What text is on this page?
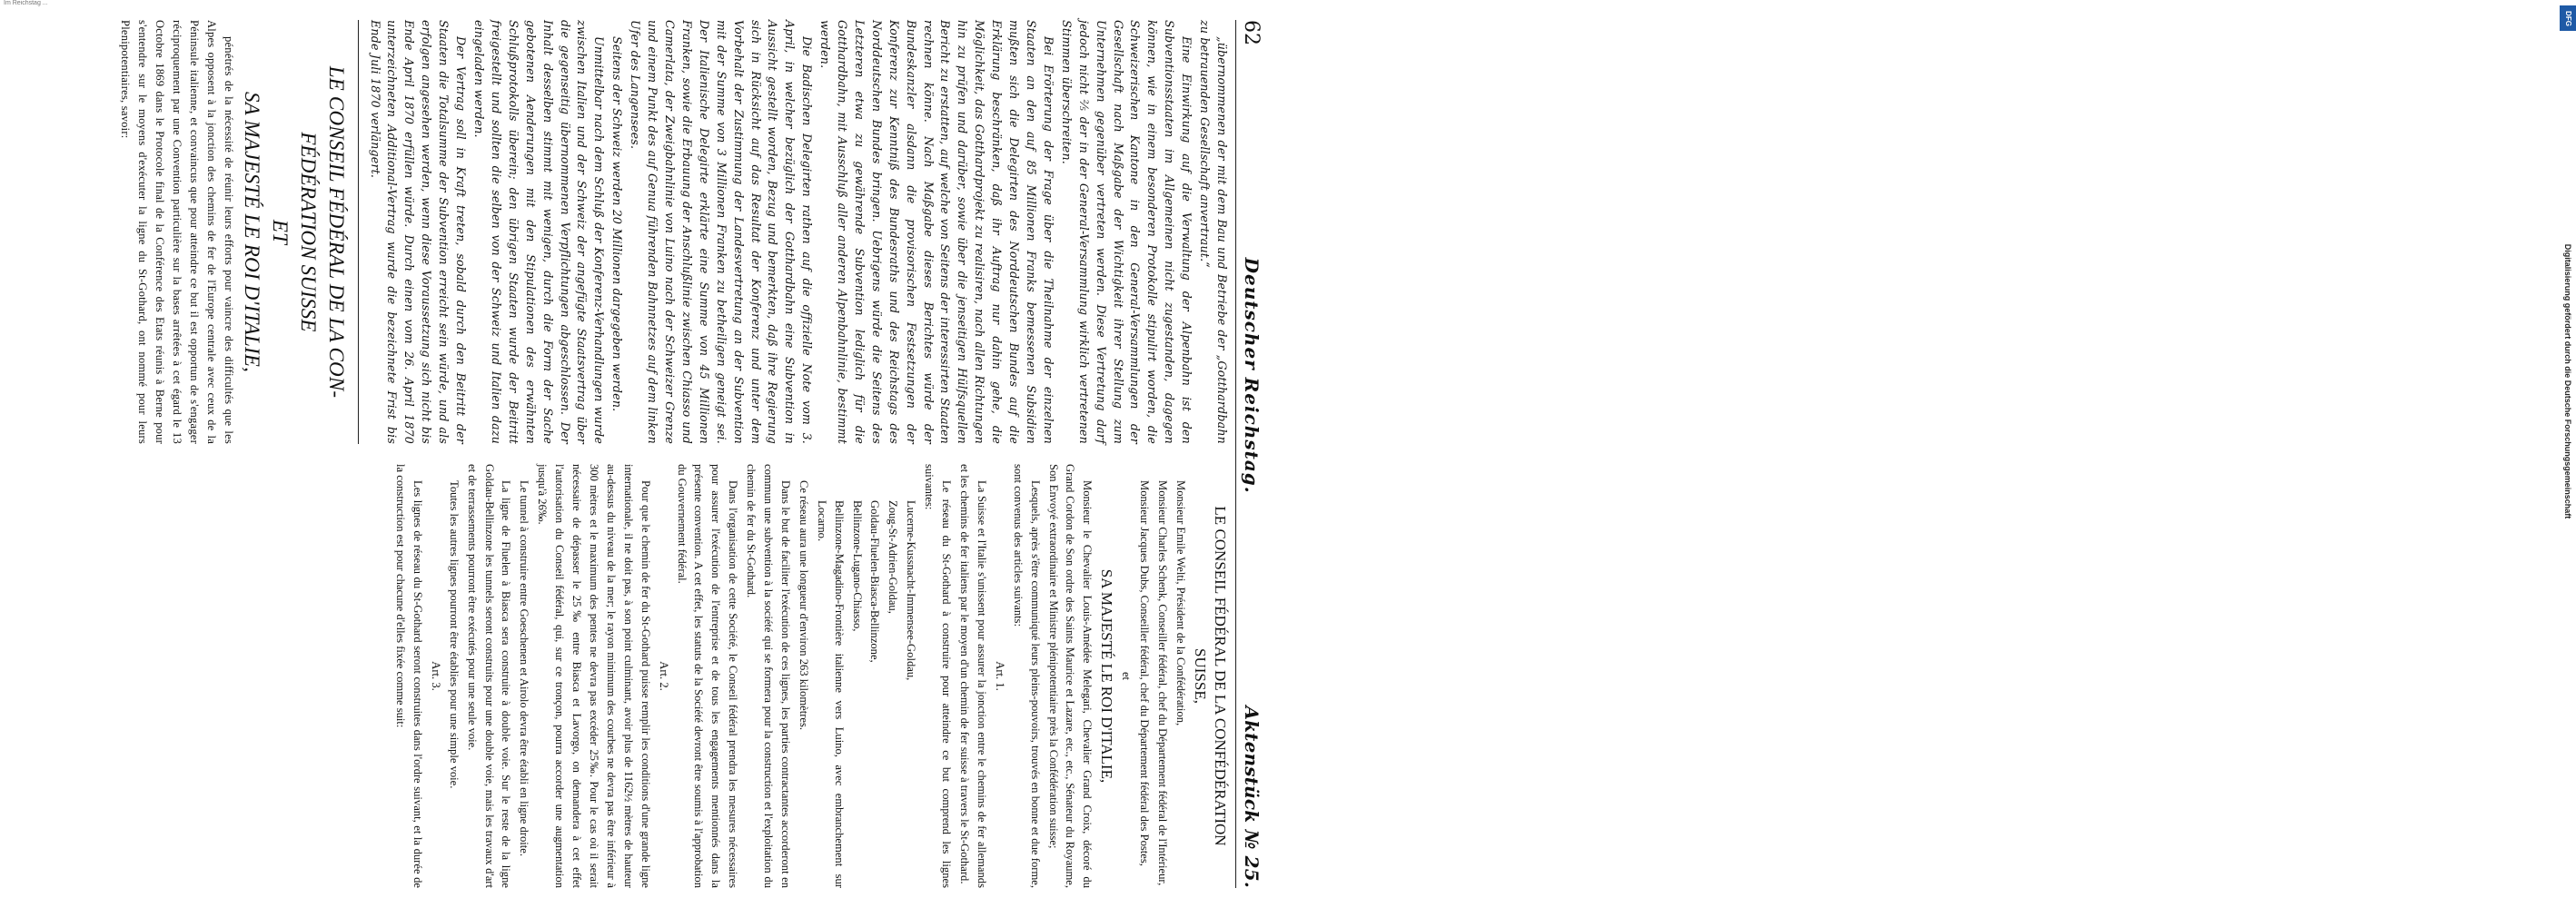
Im Reichstag ...
DFG
Digitalisierung gefördert durch die Deutsche Forschungsgemeinschaft
62
Deutscher Reichstag.
Aktenstück № 25.

„übernommenen der mit dem Bau und Betriebe der „Gotthardbahn zu betrauenden Gesellschaft anvertraut.“

Eine Einwirkung auf die Verwaltung der Alpenbahn ist den Subventionsstaaten im Allgemeinen nicht zugestanden, dagegen können, wie in einem besonderen Protokolle stipulirt worden, die Schweizerischen Kantone in den General-Versammlungen der Gesellschaft nach Maßgabe der Wichtigkeit ihrer Stellung zum Unternehmen gegenüber vertreten werden. Diese Vertretung darf jedoch nicht ⅖ der in der General-Versammlung wirklich vertretenen Stimmen überschreiten.

Bei Erörterung der Frage über die Theilnahme der einzelnen Staaten an den auf 85 Millionen Franks bemessenen Subsidien mußten sich die Delegirten des Norddeutschen Bundes auf die Erklärung beschränken, daß ihr Auftrag nur dahin gehe, die Möglichkeit, das Gotthardprojekt zu realisiren, nach allen Richtungen hin zu prüfen und darüber, sowie über die jenseitigen Hülfsquellen Bericht zu erstatten, auf welche von Seitens der interessirten Staaten rechnen könne. Nach Maßgabe dieses Berichtes würde der Bundeskanzler alsdann die provisorischen Festsetzungen der Konferenz zur Kenntniß des Bundesraths und des Reichstags des Norddeutschen Bundes bringen. Uebrigens würde die Seitens des Letzteren etwa zu gewährende Subvention lediglich für die Gotthardbahn, mit Ausschluß aller anderen Alpenbahnlinie, bestimmt werden.

Die Badischen Delegirten rathen auf die offizielle Note vom 3. April, in welcher bezüglich der Gotthardbahn eine Subvention in Aussicht gestellt worden, Bezug und bemerkten, daß ihre Regierung sich in Rücksicht auf das Resultat der Konferenz und unter dem Vorbehalt der Zustimmung der Landesvertretung an der Subvention mit der Summe von 3 Millionen Franken zu betheiligen geneigt sei. Der Italienische Delegirte erklärte eine Summe von 45 Millionen Franken, sowie die Erbauung der Anschlußlinie zwischen Chiasso und Camerlata, der Zweigbahnlinie von Luino nach der Schweizer Grenze und einem Punkt des auf Genua führenden Bahnnetzes auf dem linken Ufer des Langensees.

Seitens der Schweiz werden 20 Millionen dargegeben werden.

Unmittelbar nach dem Schluß der Konferenz-Verhandlungen wurde zwischen Italien und der Schweiz der angefügte Staatsvertrag über die gegenseitig übernommenen Verpflichtungen abgeschlossen. Der Inhalt desselben stimmt mit wenigen, durch die Form der Sache gebotenen Aenderungen mit den Stipulationen des erwähnten Schlußprotokolls überein; den übrigen Staaten wurde der Beitritt freigestellt und sollten die selben von der Schweiz und Italien dazu eingeladen werden.

Der Vertrag soll in Kraft treten, sobald durch den Beitritt der Staaten die Totalsumme der Subvention erreicht sein würde, und als erfolgen angesehen werden, wenn diese Voraussetzung sich nicht bis Ende April 1870 erfüllen würde. Durch einen vom 26. April 1870 unterzeichneten Additional-Vertrag wurde die bezeichnete Frist bis Ende Juli 1870 verlängert.

LE CONSEIL FÉDÉRAL DE LA CON-
FÉDÉRATION SUISSE
ET
SA MAJESTÉ LE ROI D'ITALIE,

pénétrés de la nécessité de réunir leurs efforts pour vaincre des difficultés que les Alpes opposent à la jonction des chemins de fer de l'Europe centrale avec ceux de la Péninsule italienne, et convaincus que pour atteindre ce but il est opportun de s'engager réciproquement par une Convention particulière sur la bases arrêtées à cet égard le 13 Octobre 1869 dans le Protocole final de la Conférence des Etats réunis à Berne pour s'entendre sur le moyens d'exécuter la ligne du St-Gothard, ont nommé pour leurs Plenipotentiaires, savoir:

LE CONSEIL FÉDÉRAL DE LA CONFÉDÉRATION
SUISSE,

Monsieur Emile Welti, Président de la Confédération,

Monsieur Charles Schenk, Conseiller fédéral, chef du Département fédéral de l'Intérieur,

Monsieur Jacques Dubs, Conseiller fédéral, chef du Département fédéral des Postes,

et

SA MAJESTÉ LE ROI D'ITALIE,

Monsieur le Chevalier Louis-Amédée Melegari, Chevalier Grand Croix, décoré du Grand Cordon de Son ordre des Saints Maurice et Lazare, etc., etc., Sénateur du Royaume, Son Envoyé extraordinaire et Ministre plénipotentiaire près la Confédération suisse;

Lesquels, après s'être communiqué leurs pleins-pouvoirs, trouvés en bonne et due forme, sont convenus des articles suivants:

Art. 1.

La Suisse et l'Italie s'unissent pour assurer la jonction entre le chemins de fer allemands et les chemins de fer italiens par le moyen d'un chemin de fer suisse à travers le St-Gothard.

Le réseau du St-Gothard à construire pour atteindre ce but comprend les lignes suivantes:

Lucerne-Kussnacht-Immensee-Goldau,

Zoug-St-Adrien-Goldau,

Goldau-Fluelen-Biasca-Bellinzone,

Bellinzone-Lugano-Chiasso,

Bellinzone-Magadino-Frontière italienne vers Luino, avec embranchement sur Locarno.

Ce réseau aura une longueur d'environ 263 kilomètres.

Dans le but de faciliter l'exécution de ces lignes, les parties contractantes accorderont en commun une subvention à la société qui se formera pour la construction et l'exploitation du chemin de fer du St-Gothard.

Dans l'organisation de cette Société, le Conseil fédéral prendra les mesures nécessaires pour assurer l'exécution de l'entreprise et de tous les engagements mentionnés dans la présente convention. A cet effet, les statuts de la Société devront être soumis à l'approbation du Gouvernement fédéral.

Art. 2.

Pour que le chemin de fer du St-Gothard puisse remplir les conditions d'une grande ligne internationale, il ne doit pas, à son point culminant, avoir plus de 1162½ mètres de hauteur au-dessus du niveau de la mer; le rayon minimum des courbes ne devra pas être inférieur à 300 mètres et le maximum des pentes ne devra pas excéder 25‰. Pour le cas où il serait nécessaire de dépasser le 25‰ entre Biasca et Lavorgo, on demandera à cet effet l'autorisation du Conseil fédéral, qui, sur ce tronçon, pourra accorder une augmentation jusqu'à 26‰.

Le tunnel à construire entre Goeschenen et Airolo devra être établi en ligne droite.

La ligne de Fluelen à Biasca sera construite à double voie. Sur le reste de la ligne Goldau-Bellinzone les tunnels seront construits pour une double voie, mais les travaux d'art et de terrassements pourront être exécutés pour une seule voie.

Toutes les autres lignes pourront être établies pour une simple voie.

Art. 3.

Les lignes de réseau du St-Gothard seront construites dans l'ordre suivant, et la durée de la construction est pour chacune d'elles fixée comme suit:
